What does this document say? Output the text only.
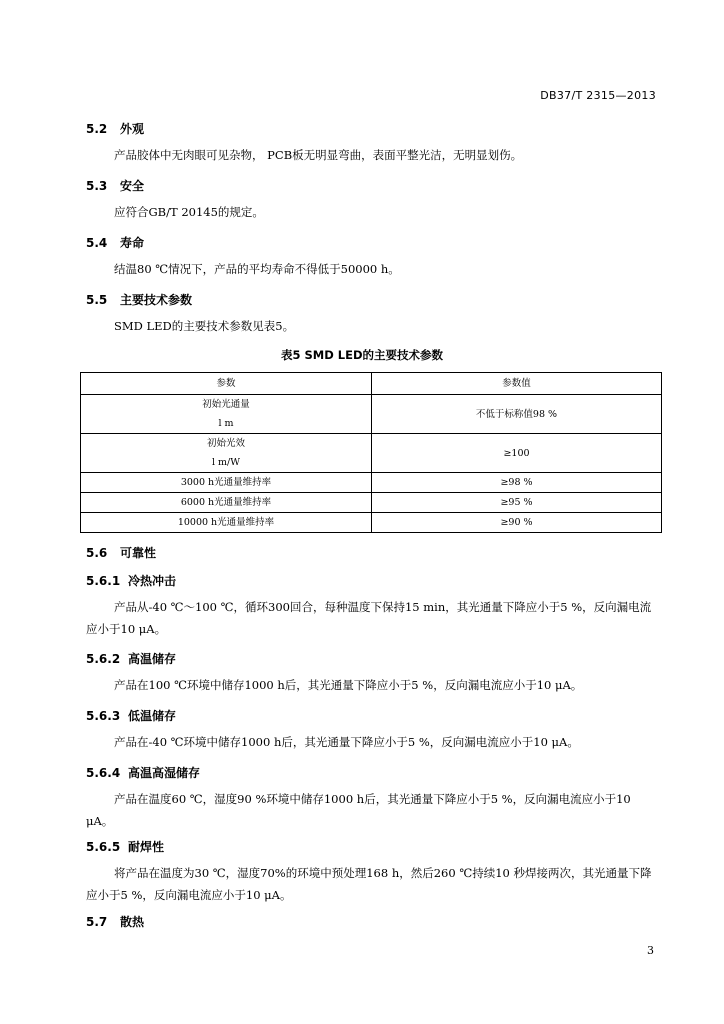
DB37/T 2315—2013
5.2 外观
产品胶体中无肉眼可见杂物， PCB板无明显弯曲，表面平整光洁，无明显划伤。
5.3 安全
应符合GB/T 20145的规定。
5.4 寿命
结温80 ℃情况下，产品的平均寿命不得低于50000 h。
5.5 主要技术参数
SMD LED的主要技术参数见表5。
表5 SMD LED的主要技术参数
参数	参数值

初始光通量
l m	不低于标称值98 %

初始光效
l m/W	≥100
3000 h光通量维持率	≥98 %
6000 h光通量维持率	≥95 %
10000 h光通量维持率	≥90 %
5.6 可靠性
5.6.1 冷热冲击
产品从-40 ℃～100 ℃，循环300回合，每种温度下保持15 min，其光通量下降应小于5 %，反向漏电流应小于10 μA。
5.6.2 高温储存
产品在100 ℃环境中储存1000 h后，其光通量下降应小于5 %，反向漏电流应小于10 μA。
5.6.3 低温储存
产品在-40 ℃环境中储存1000 h后，其光通量下降应小于5 %，反向漏电流应小于10 μA。
5.6.4 高温高湿储存
产品在温度60 ℃，湿度90 %环境中储存1000 h后，其光通量下降应小于5 %，反向漏电流应小于10 μA。
5.6.5 耐焊性
将产品在温度为30 ℃，湿度70%的环境中预处理168 h，然后260 ℃持续10 秒焊接两次，其光通量下降应小于5 %，反向漏电流应小于10 μA。
5.7 散热
3
